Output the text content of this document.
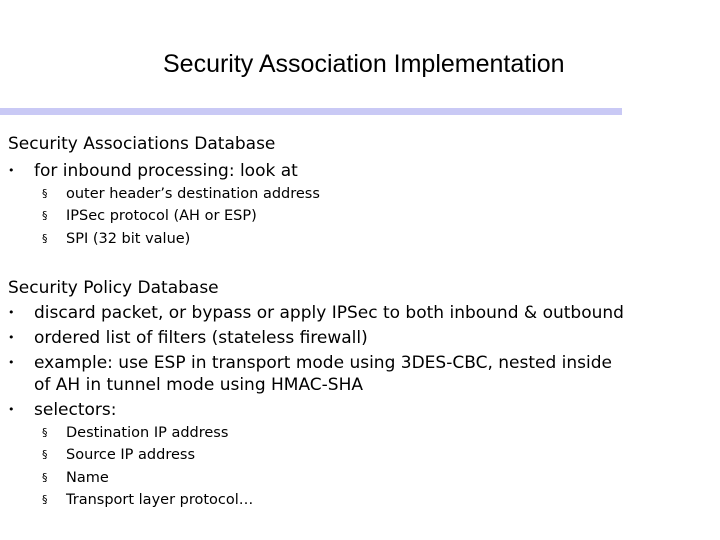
Security Association Implementation
Security Associations Database
• for inbound processing: look at
§ outer header’s destination address
§ IPSec protocol (AH or ESP)
§ SPI (32 bit value)
Security Policy Database
• discard packet, or bypass or apply IPSec to both inbound & outbound
• ordered list of filters (stateless firewall)
• example: use ESP in transport mode using 3DES-CBC, nested inside
of AH in tunnel mode using HMAC-SHA
• selectors:
§ Destination IP address
§ Source IP address
§ Name
§ Transport layer protocol…
